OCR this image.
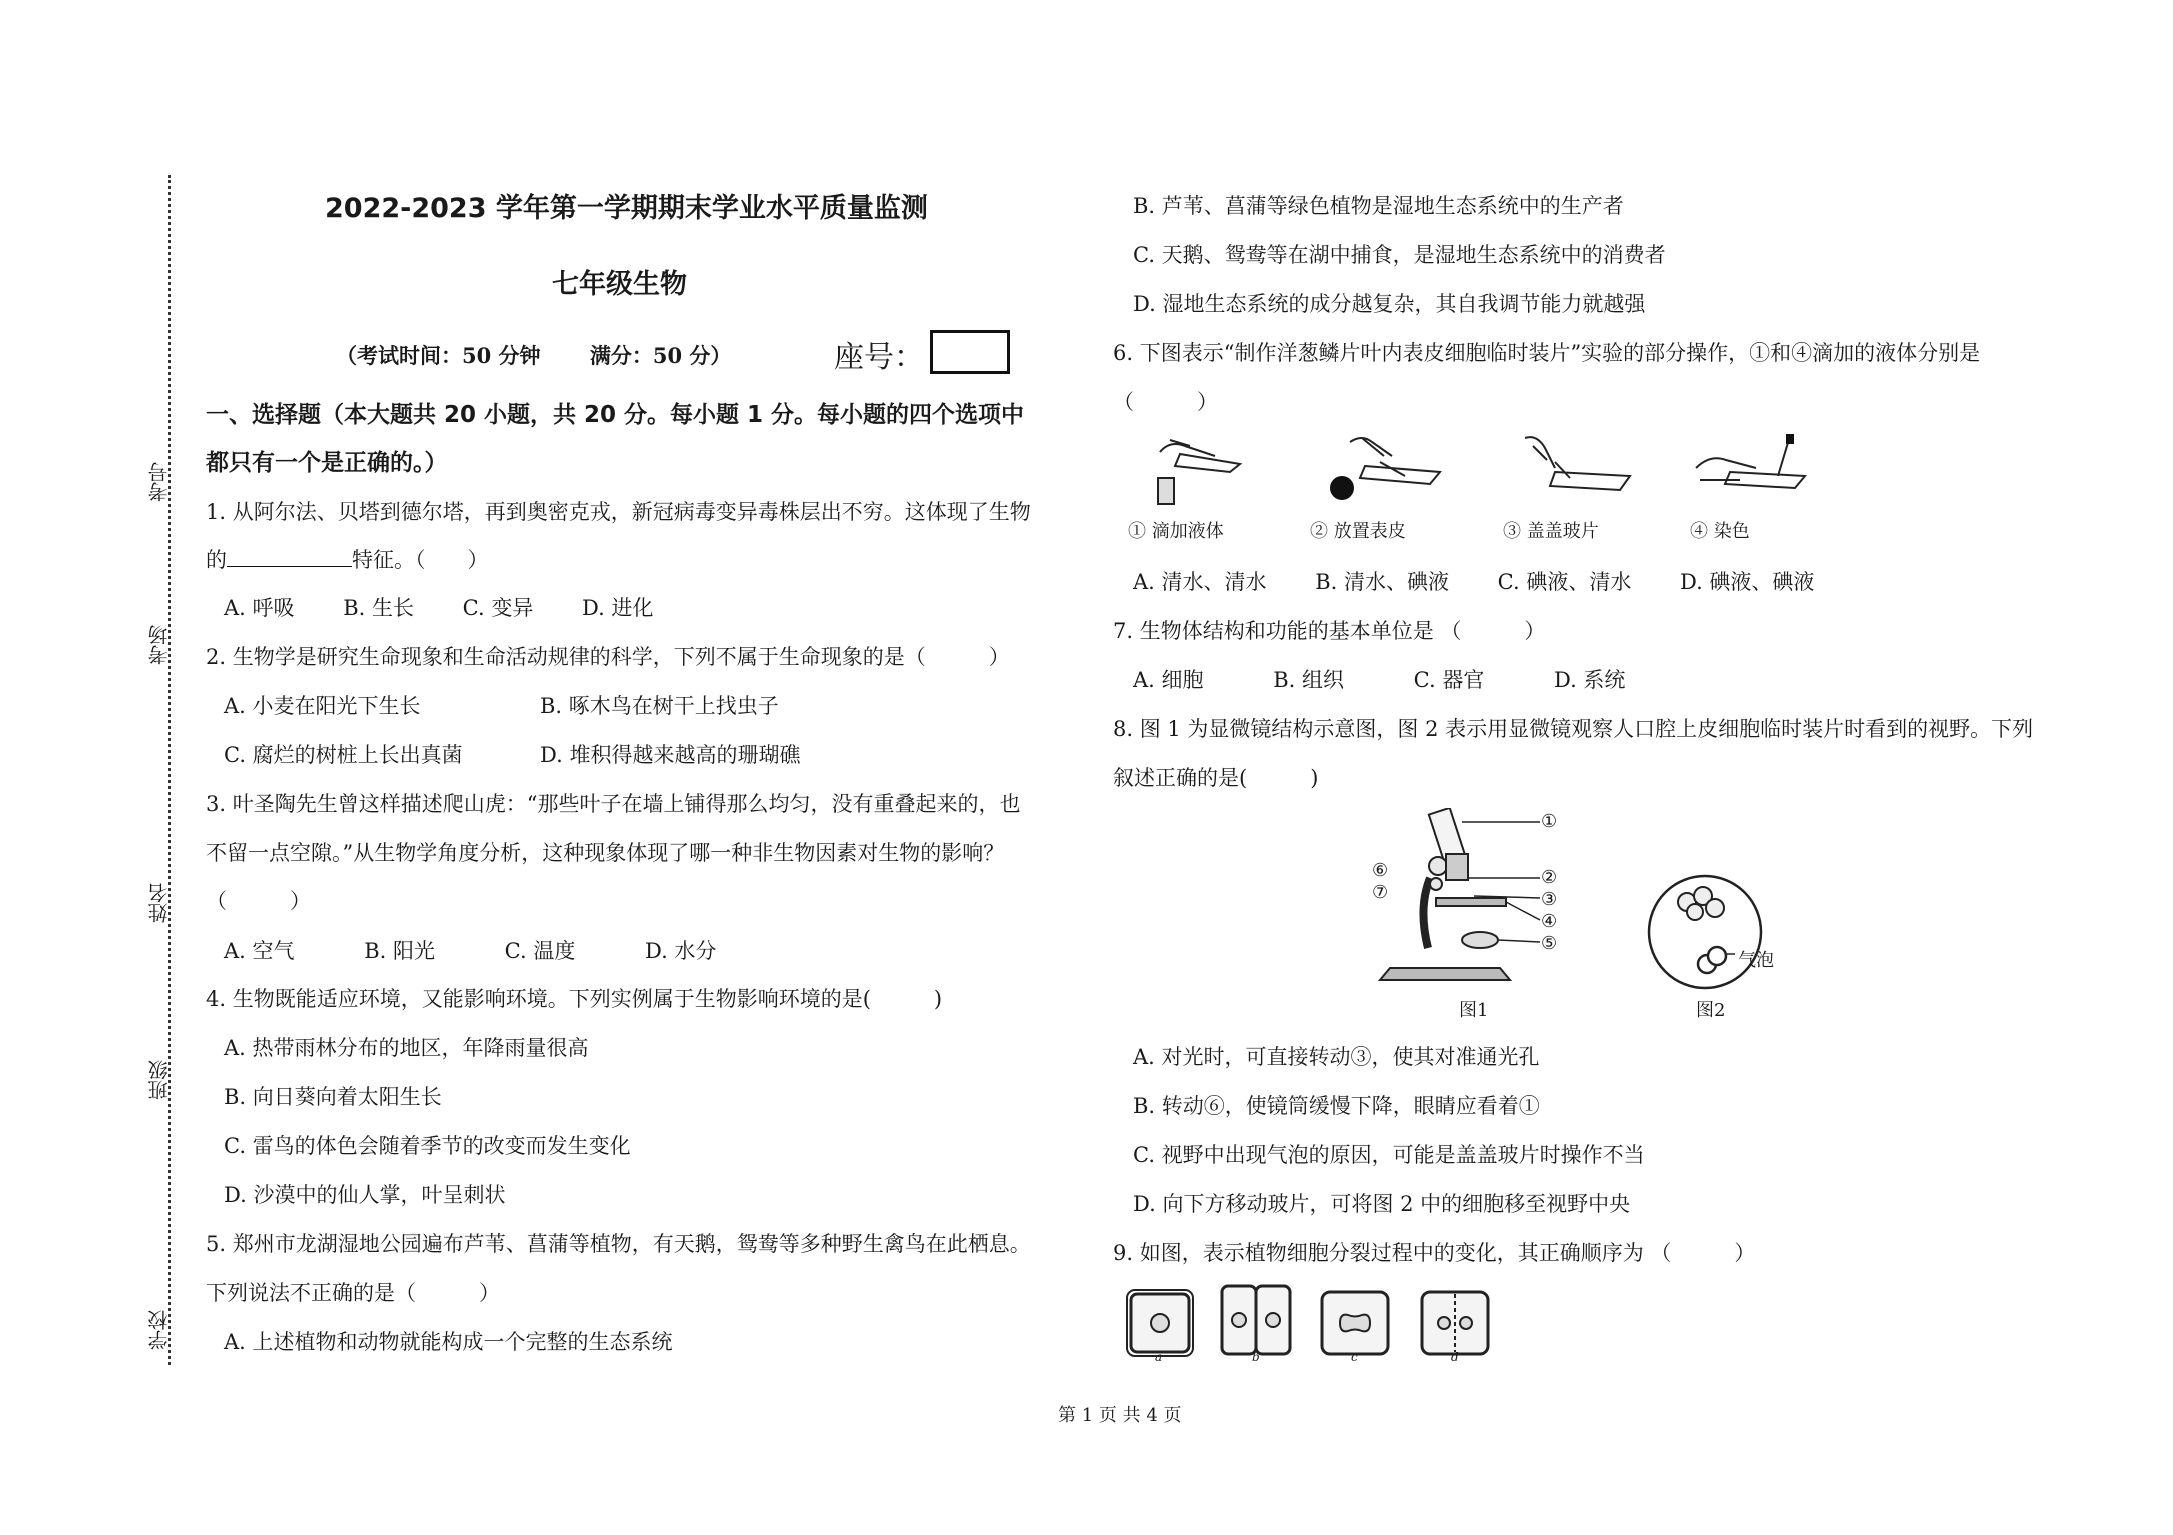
考号
考场
姓名
班级
学校
2022-2023 学年第一学期期末学业水平质量监测
七年级生物
（考试时间：50 分钟　　 满分：50 分）	座号：
一、选择题（本大题共 20 小题，共 20 分。每小题 1 分。每小题的四个选项中
都只有一个是正确的。）
1. 从阿尔法、贝塔到德尔塔，再到奥密克戎，新冠病毒变异毒株层出不穷。这体现了生物
的	特征。（　　）
A. 呼吸　　 B. 生长　　 C. 变异　　 D. 进化
2. 生物学是研究生命现象和生命活动规律的科学，下列不属于生命现象的是（　　　）
A. 小麦在阳光下生长	B. 啄木鸟在树干上找虫子
C. 腐烂的树桩上长出真菌	D. 堆积得越来越高的珊瑚礁
3. 叶圣陶先生曾这样描述爬山虎：“那些叶子在墙上铺得那么均匀，没有重叠起来的，也
不留一点空隙。”从生物学角度分析，这种现象体现了哪一种非生物因素对生物的影响？
（　　　）
A. 空气　　　 B. 阳光　　　 C. 温度　　　 D. 水分
4. 生物既能适应环境，又能影响环境。下列实例属于生物影响环境的是(　　　)
A. 热带雨林分布的地区，年降雨量很高
B. 向日葵向着太阳生长
C. 雷鸟的体色会随着季节的改变而发生变化
D. 沙漠中的仙人掌，叶呈刺状
5. 郑州市龙湖湿地公园遍布芦苇、菖蒲等植物，有天鹅，鸳鸯等多种野生禽鸟在此栖息。
下列说法不正确的是（　　　）
A. 上述植物和动物就能构成一个完整的生态系统
B. 芦苇、菖蒲等绿色植物是湿地生态系统中的生产者
C. 天鹅、鸳鸯等在湖中捕食，是湿地生态系统中的消费者
D. 湿地生态系统的成分越复杂，其自我调节能力就越强
6. 下图表示“制作洋葱鳞片叶内表皮细胞临时装片”实验的部分操作，①和④滴加的液体分别是
（　　　）
① 滴加液体	② 放置表皮	③ 盖盖玻片	④ 染色
A. 清水、清水　　 B. 清水、碘液　　 C. 碘液、清水　　 D. 碘液、碘液
7. 生物体结构和功能的基本单位是 （　　　）
A. 细胞　　　 B. 组织　　　 C. 器官　　　 D. 系统
8. 图 1 为显微镜结构示意图，图 2 表示用显微镜观察人口腔上皮细胞临时装片时看到的视野。下列
叙述正确的是(　　　)
①
②
③
④
⑤
⑥
⑦
图1
气泡
图2
A. 对光时，可直接转动③，使其对准通光孔
B. 转动⑥，使镜筒缓慢下降，眼睛应看着①
C. 视野中出现气泡的原因，可能是盖盖玻片时操作不当
D. 向下方移动玻片，可将图 2 中的细胞移至视野中央
9. 如图，表示植物细胞分裂过程中的变化，其正确顺序为 （　　　）
a	b	c	d
第 1 页 共 4 页
